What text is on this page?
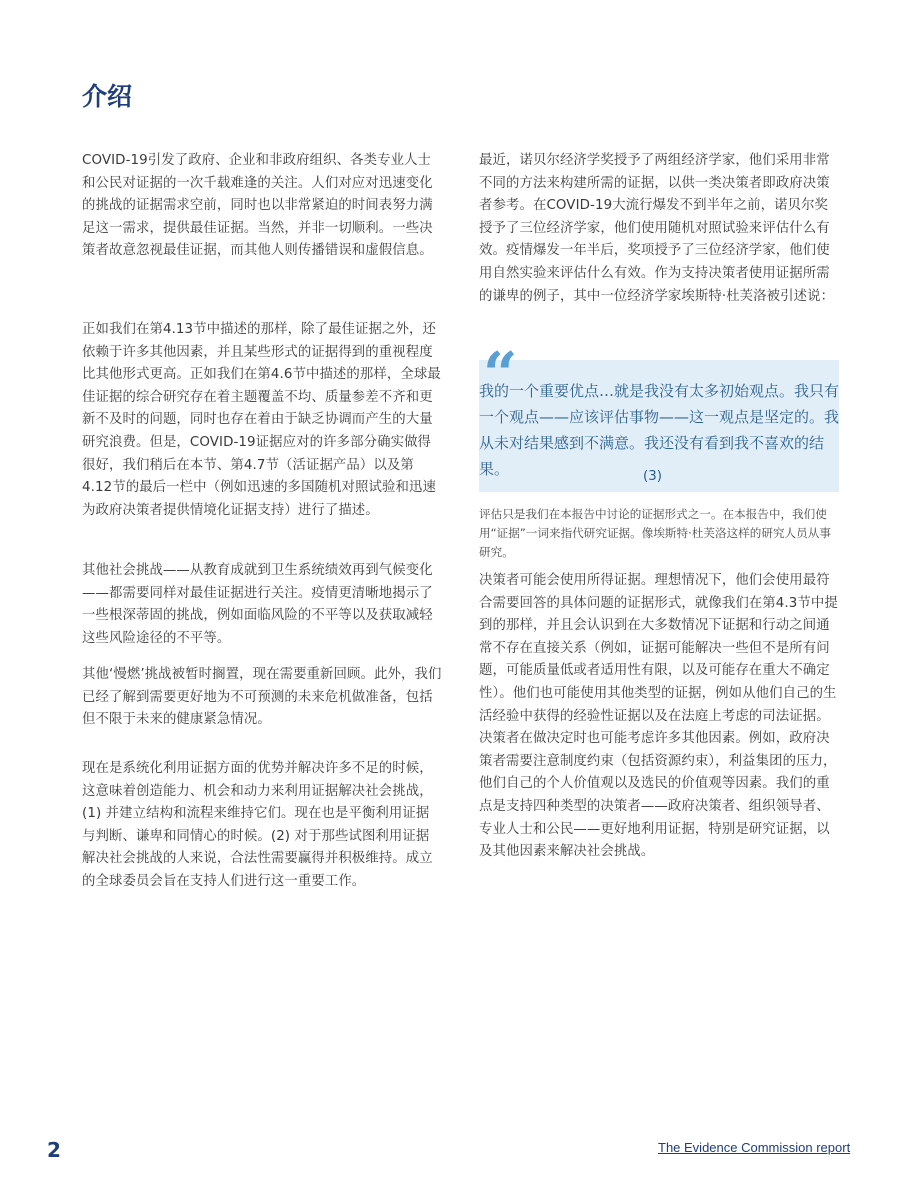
介绍

COVID-19引发了政府、企业和非政府组织、各类专业人士和公民对证据的一次千载难逢的关注。人们对应对迅速变化的挑战的证据需求空前，同时也以非常紧迫的时间表努力满足这一需求，提供最佳证据。当然，并非一切顺利。一些决策者故意忽视最佳证据，而其他人则传播错误和虚假信息。

正如我们在第4.13节中描述的那样，除了最佳证据之外，还依赖于许多其他因素，并且某些形式的证据得到的重视程度比其他形式更高。正如我们在第4.6节中描述的那样，全球最佳证据的综合研究存在着主题覆盖不均、质量参差不齐和更新不及时的问题，同时也存在着由于缺乏协调而产生的大量研究浪费。但是，COVID-19证据应对的许多部分确实做得很好，我们稍后在本节、第4.7节（活证据产品）以及第4.12节的最后一栏中（例如迅速的多国随机对照试验和迅速为政府决策者提供情境化证据支持）进行了描述。

其他社会挑战——从教育成就到卫生系统绩效再到气候变化——都需要同样对最佳证据进行关注。疫情更清晰地揭示了一些根深蒂固的挑战，例如面临风险的不平等以及获取减轻这些风险途径的不平等。

其他‘慢燃’挑战被暂时搁置，现在需要重新回顾。此外，我们已经了解到需要更好地为不可预测的未来危机做准备，包括但不限于未来的健康紧急情况。

现在是系统化利用证据方面的优势并解决许多不足的时候，这意味着创造能力、机会和动力来利用证据解决社会挑战，(1) 并建立结构和流程来维持它们。现在也是平衡利用证据与判断、谦卑和同情心的时候。(2) 对于那些试图利用证据解决社会挑战的人来说，合法性需要赢得并积极维持。成立的全球委员会旨在支持人们进行这一重要工作。

最近，诺贝尔经济学奖授予了两组经济学家，他们采用非常不同的方法来构建所需的证据，以供一类决策者即政府决策者参考。在COVID-19大流行爆发不到半年之前，诺贝尔奖授予了三位经济学家，他们使用随机对照试验来评估什么有效。疫情爆发一年半后，奖项授予了三位经济学家，他们使用自然实验来评估什么有效。作为支持决策者使用证据所需的谦卑的例子，其中一位经济学家埃斯特·杜芙洛被引述说：

“

我的一个重要优点…就是我没有太多初始观点。我只有一个观点——应该评估事物——这一观点是坚定的。我从未对结果感到不满意。我还没有看到我不喜欢的结果。	(3)

评估只是我们在本报告中讨论的证据形式之一。在本报告中，我们使用“证据”一词来指代研究证据。像埃斯特·杜芙洛这样的研究人员从事研究。

决策者可能会使用所得证据。理想情况下，他们会使用最符合需要回答的具体问题的证据形式，就像我们在第4.3节中提到的那样，并且会认识到在大多数情况下证据和行动之间通常不存在直接关系（例如，证据可能解决一些但不是所有问题，可能质量低或者适用性有限，以及可能存在重大不确定性）。他们也可能使用其他类型的证据，例如从他们自己的生活经验中获得的经验性证据以及在法庭上考虑的司法证据。决策者在做决定时也可能考虑许多其他因素。例如，政府决策者需要注意制度约束（包括资源约束），利益集团的压力，他们自己的个人价值观以及选民的价值观等因素。我们的重点是支持四种类型的决策者——政府决策者、组织领导者、专业人士和公民——更好地利用证据，特别是研究证据，以及其他因素来解决社会挑战。

2	The Evidence Commission report
